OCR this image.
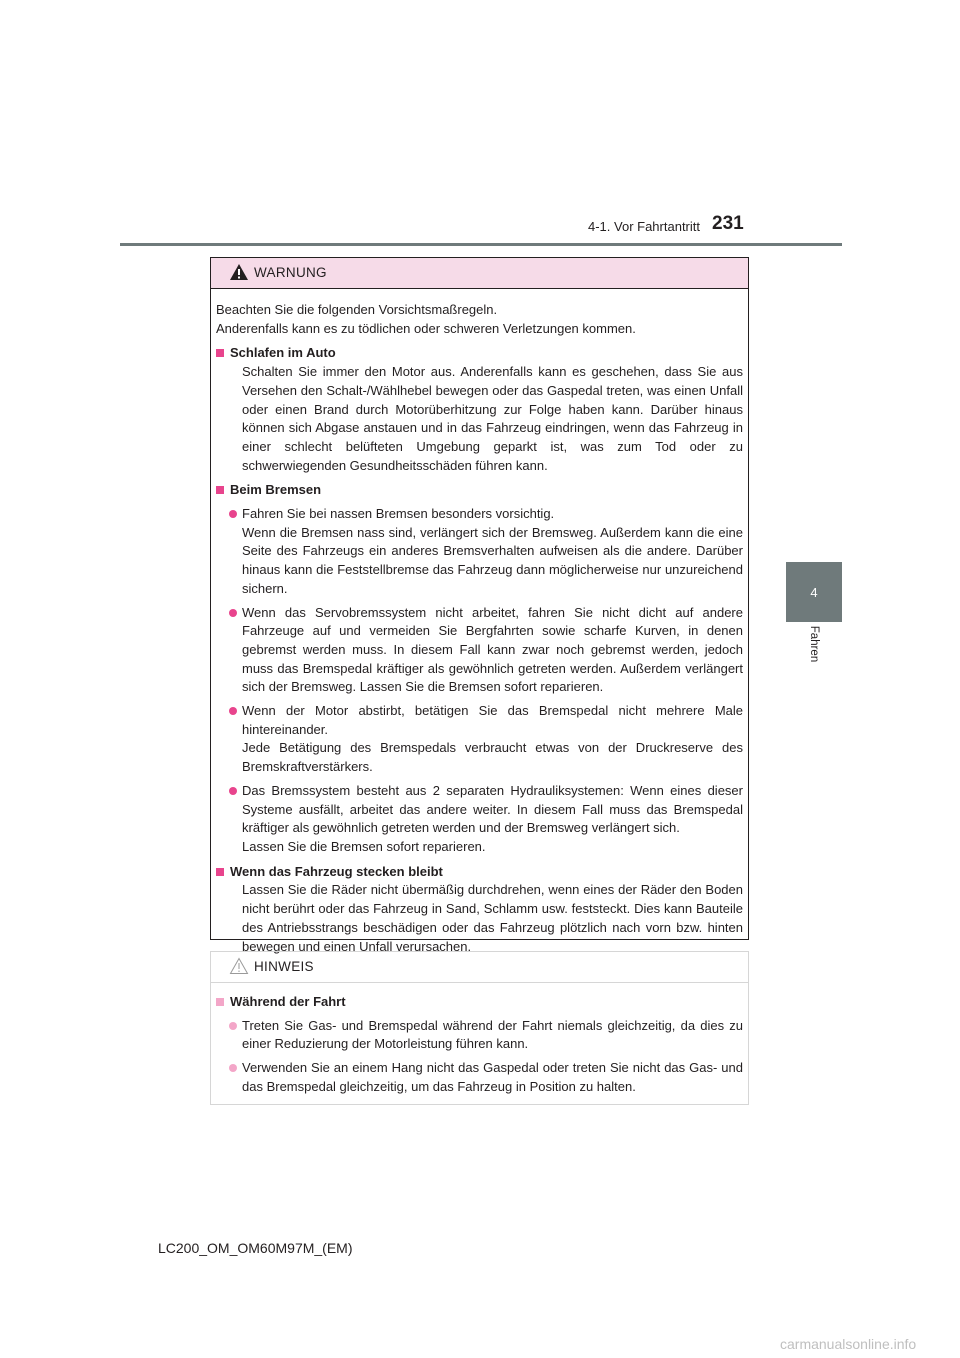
4-1. Vor Fahrtantritt 231
4
Fahren
WARNUNG

Beachten Sie die folgenden Vorsichtsmaßregeln.

Anderenfalls kann es zu tödlichen oder schweren Verletzungen kommen.

Schlafen im Auto

Schalten Sie immer den Motor aus. Anderenfalls kann es geschehen, dass Sie aus Versehen den Schalt-/Wählhebel bewegen oder das Gaspedal treten, was einen Unfall oder einen Brand durch Motorüberhitzung zur Folge haben kann. Darüber hinaus können sich Abgase anstauen und in das Fahrzeug eindringen, wenn das Fahrzeug in einer schlecht belüfteten Umgebung geparkt ist, was zum Tod oder zu schwerwiegenden Gesundheitsschäden führen kann.

Beim Bremsen
Fahren Sie bei nassen Bremsen besonders vorsichtig.
Wenn die Bremsen nass sind, verlängert sich der Bremsweg. Außerdem kann die eine Seite des Fahrzeugs ein anderes Bremsverhalten aufweisen als die andere. Darüber hinaus kann die Feststellbremse das Fahrzeug dann möglicherweise nur unzureichend sichern.
Wenn das Servobremssystem nicht arbeitet, fahren Sie nicht dicht auf andere Fahrzeuge auf und vermeiden Sie Bergfahrten sowie scharfe Kurven, in denen gebremst werden muss. In diesem Fall kann zwar noch gebremst werden, jedoch muss das Bremspedal kräftiger als gewöhnlich getreten werden. Außerdem verlängert sich der Bremsweg. Lassen Sie die Bremsen sofort reparieren.
Wenn der Motor abstirbt, betätigen Sie das Bremspedal nicht mehrere Male hintereinander.
Jede Betätigung des Bremspedals verbraucht etwas von der Druckreserve des Bremskraftverstärkers.
Das Bremssystem besteht aus 2 separaten Hydrauliksystemen: Wenn eines dieser Systeme ausfällt, arbeitet das andere weiter. In diesem Fall muss das Bremspedal kräftiger als gewöhnlich getreten werden und der Bremsweg verlängert sich.
Lassen Sie die Bremsen sofort reparieren.
Wenn das Fahrzeug stecken bleibt

Lassen Sie die Räder nicht übermäßig durchdrehen, wenn eines der Räder den Boden nicht berührt oder das Fahrzeug in Sand, Schlamm usw. feststeckt. Dies kann Bauteile des Antriebsstrangs beschädigen oder das Fahrzeug plötzlich nach vorn bzw. hinten bewegen und einen Unfall verursachen.

HINWEIS
Während der Fahrt
Treten Sie Gas- und Bremspedal während der Fahrt niemals gleichzeitig, da dies zu einer Reduzierung der Motorleistung führen kann.
Verwenden Sie an einem Hang nicht das Gaspedal oder treten Sie nicht das Gas- und das Bremspedal gleichzeitig, um das Fahrzeug in Position zu halten.
LC200_OM_OM60M97M_(EM)
carmanualsonline.info
